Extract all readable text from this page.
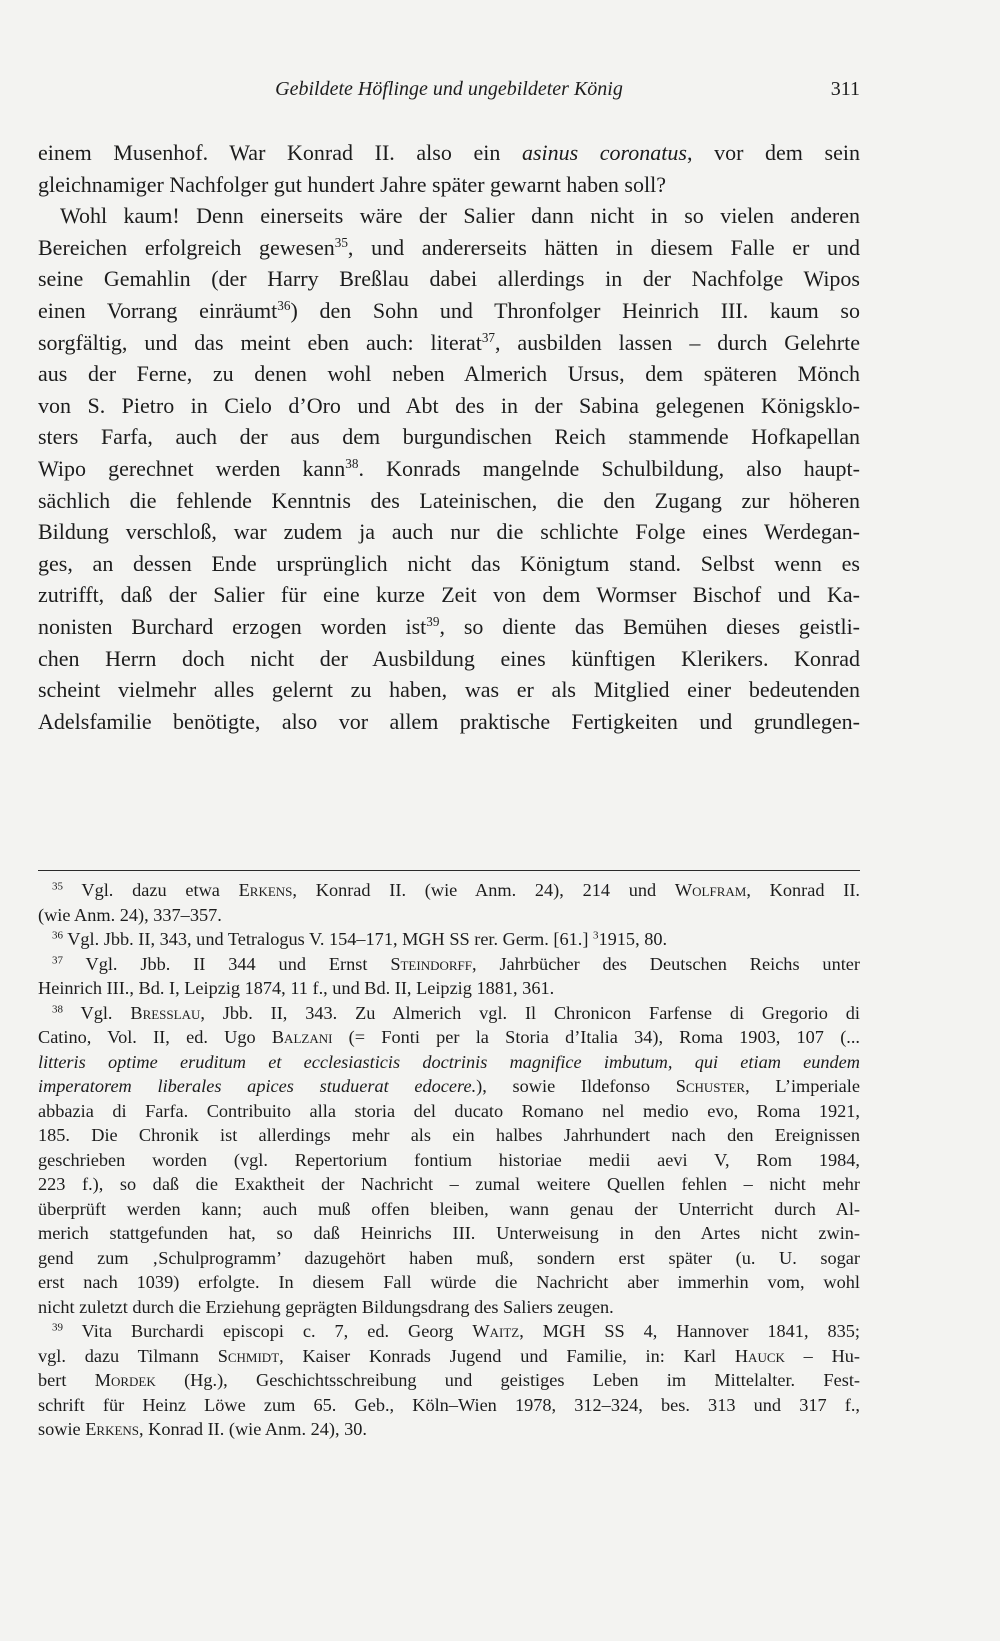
Gebildete Höflinge und ungebildeter König	311
einem Musenhof. War Konrad II. also ein asinus coronatus, vor dem sein
gleichnamiger Nachfolger gut hundert Jahre später gewarnt haben soll?
Wohl kaum! Denn einerseits wäre der Salier dann nicht in so vielen anderen
Bereichen erfolgreich gewesen$^{35}$, und andererseits hätten in diesem Falle er und
seine Gemahlin (der Harry Breßlau dabei allerdings in der Nachfolge Wipos
einen Vorrang einräumt$^{36}$) den Sohn und Thronfolger Heinrich III. kaum so
sorgfältig, und das meint eben auch: literat$^{37}$, ausbilden lassen – durch Gelehrte
aus der Ferne, zu denen wohl neben Almerich Ursus, dem späteren Mönch
von S. Pietro in Cielo d’Oro und Abt des in der Sabina gelegenen Königsklo-
sters Farfa, auch der aus dem burgundischen Reich stammende Hofkapellan
Wipo gerechnet werden kann$^{38}$. Konrads mangelnde Schulbildung, also haupt-
sächlich die fehlende Kenntnis des Lateinischen, die den Zugang zur höheren
Bildung verschloß, war zudem ja auch nur die schlichte Folge eines Werdegan-
ges, an dessen Ende ursprünglich nicht das Königtum stand. Selbst wenn es
zutrifft, daß der Salier für eine kurze Zeit von dem Wormser Bischof und Ka-
nonisten Burchard erzogen worden ist$^{39}$, so diente das Bemühen dieses geistli-
chen Herrn doch nicht der Ausbildung eines künftigen Klerikers. Konrad
scheint vielmehr alles gelernt zu haben, was er als Mitglied einer bedeutenden
Adelsfamilie benötigte, also vor allem praktische Fertigkeiten und grundlegen-
$^{35}$ Vgl. dazu etwa Erkens, Konrad II. (wie Anm. 24), 214 und Wolfram, Konrad II.
(wie Anm. 24), 337–357.
$^{36}$ Vgl. Jbb. II, 343, und Tetralogus V. 154–171, MGH SS rer. Germ. [61.] $^3$1915, 80.
$^{37}$ Vgl. Jbb. II 344 und Ernst Steindorff, Jahrbücher des Deutschen Reichs unter
Heinrich III., Bd. I, Leipzig 1874, 11 f., und Bd. II, Leipzig 1881, 361.
$^{38}$ Vgl. Bresslau, Jbb. II, 343. Zu Almerich vgl. Il Chronicon Farfense di Gregorio di
Catino, Vol. II, ed. Ugo Balzani (= Fonti per la Storia d’Italia 34), Roma 1903, 107 (...
litteris optime eruditum et ecclesiasticis doctrinis magnifice imbutum, qui etiam eundem
imperatorem liberales apices studuerat edocere.), sowie Ildefonso Schuster, L’imperiale
abbazia di Farfa. Contribuito alla storia del ducato Romano nel medio evo, Roma 1921,
185. Die Chronik ist allerdings mehr als ein halbes Jahrhundert nach den Ereignissen
geschrieben worden (vgl. Repertorium fontium historiae medii aevi V, Rom 1984,
223 f.), so daß die Exaktheit der Nachricht – zumal weitere Quellen fehlen – nicht mehr
überprüft werden kann; auch muß offen bleiben, wann genau der Unterricht durch Al-
merich stattgefunden hat, so daß Heinrichs III. Unterweisung in den Artes nicht zwin-
gend zum ‚Schulprogramm’ dazugehört haben muß, sondern erst später (u. U. sogar
erst nach 1039) erfolgte. In diesem Fall würde die Nachricht aber immerhin vom, wohl
nicht zuletzt durch die Erziehung geprägten Bildungsdrang des Saliers zeugen.
$^{39}$ Vita Burchardi episcopi c. 7, ed. Georg Waitz, MGH SS 4, Hannover 1841, 835;
vgl. dazu Tilmann Schmidt, Kaiser Konrads Jugend und Familie, in: Karl Hauck – Hu-
bert Mordek (Hg.), Geschichtsschreibung und geistiges Leben im Mittelalter. Fest-
schrift für Heinz Löwe zum 65. Geb., Köln–Wien 1978, 312–324, bes. 313 und 317 f.,
sowie Erkens, Konrad II. (wie Anm. 24), 30.
